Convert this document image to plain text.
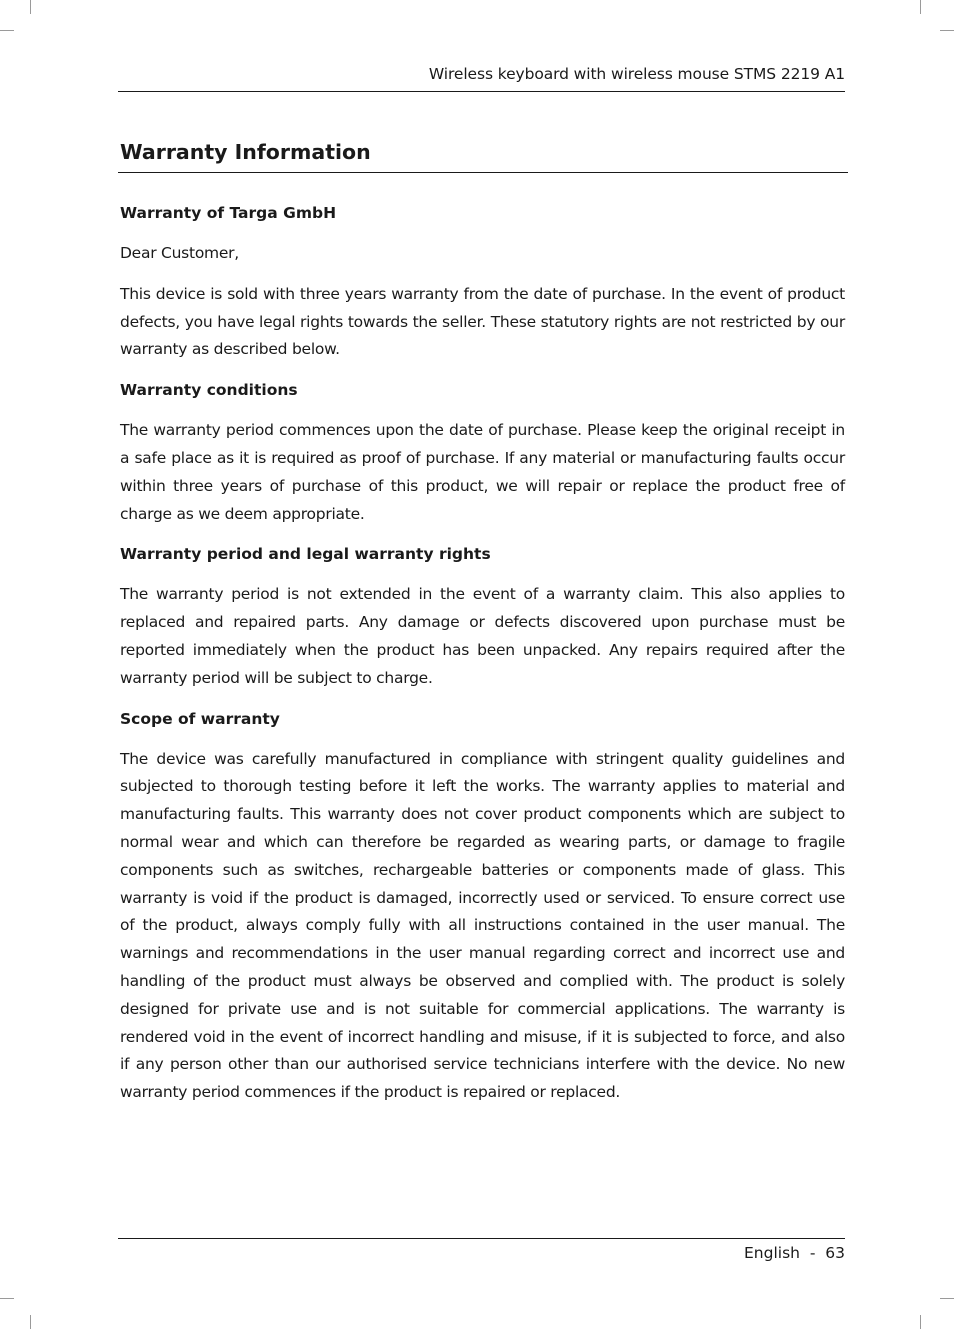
Wireless keyboard with wireless mouse STMS 2219 A1
Warranty Information
Warranty of Targa GmbH

Dear Customer,

This device is sold with three years warranty from the date of purchase. In the event of product defects, you have legal rights towards the seller. These statutory rights are not restricted by our warranty as described below.

Warranty conditions

The warranty period commences upon the date of purchase. Please keep the original receipt in a safe place as it is required as proof of purchase. If any material or manufacturing faults occur within three years of purchase of this product, we will repair or replace the product free of charge as we deem appropriate.

Warranty period and legal warranty rights

The warranty period is not extended in the event of a warranty claim. This also applies to replaced and repaired parts. Any damage or defects discovered upon purchase must be reported immediately when the product has been unpacked. Any repairs required after the warranty period will be subject to charge.

Scope of warranty

The device was carefully manufactured in compliance with stringent quality guidelines and subjected to thorough testing before it left the works. The warranty applies to material and manufacturing faults. This warranty does not cover product components which are subject to normal wear and which can therefore be regarded as wearing parts, or damage to fragile components such as switches, rechargeable batteries or components made of glass. This warranty is void if the product is damaged, incorrectly used or serviced. To ensure correct use of the product, always comply fully with all instructions contained in the user manual. The warnings and recommendations in the user manual regarding correct and incorrect use and handling of the product must always be observed and complied with. The product is solely designed for private use and is not suitable for commercial applications. The warranty is rendered void in the event of incorrect handling and misuse, if it is subjected to force, and also if any person other than our authorised service technicians interfere with the device. No new warranty period commences if the product is repaired or replaced.

English  -  63
